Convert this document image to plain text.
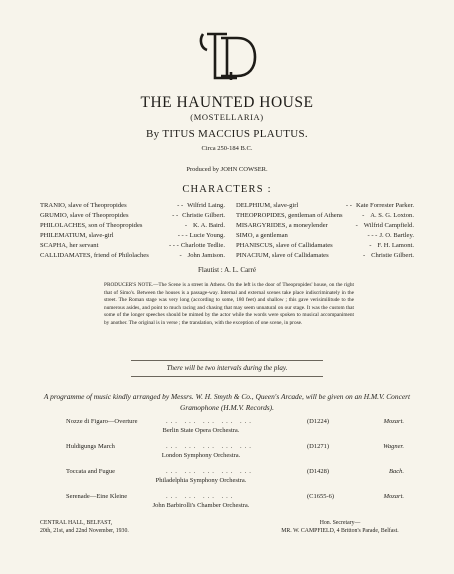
THE HAUNTED HOUSE
(MOSTELLARIA)
By TITUS MACCIUS PLAUTUS.
Circa 250-184 B.C.
Produced by JOHN COWSER.
CHARACTERS :
TRANIO, slave of Theopropides	- - Wilfrid Laing.
GRUMIO, slave of Theopropides	- - Christie Gilbert.
PHILOLACHES, son of Theopropides	- K. A. Baird.
PHILEMATIUM, slave-girl	- - - Lucie Young.
SCAPHA, her servant	- - - Charlotte Tedlie.
CALLIDAMATES, friend of Philolaches	- John Jamison.
DELPHIUM, slave-girl	- - Kate Forrester Parker.
THEOPROPIDES, gentleman of Athens	- A. S. G. Loxton.
MISARGYRIDES, a moneylender	- Wilfrid Campfield.
SIMO, a gentleman	- - - J. O. Bartley.
PHANISCUS, slave of Callidamates	- F. H. Lamont.
PINACIUM, slave of Callidamates	- Christie Gilbert.
Flautist : A. L. Carré
PRODUCER'S NOTE.—The Scene is a street in Athens. On the left is the door of Theopropides' house, on the right that of Simo's. Between the houses is a passage-way. Internal and external scenes take place indiscriminately in the street. The Roman stage was very long (according to some, 180 feet) and shallow ; this gave verisimilitude to the numerous asides, and point to much racing and chasing that may seem unnatural on our stage. It was the custom that some of the longer speeches should be mimed by the actor while the words were spoken to musical accompaniment by another. The original is in verse ; the translation, with the exception of one scene, in prose.
There will be two intervals during the play.
A programme of music kindly arranged by Messrs. W. H. Smyth & Co., Queen's Arcade, will be given on an H.M.V. Concert Gramophone (H.M.V. Records).
Nozze di Figaro—Overture	... ... ... ... ...	(D1224)	Mozart.
Berlin State Opera Orchestra.
Huldigungs March	... ... ... ... ...	(D1271)	Wagner.
London Symphony Orchestra.
Toccata and Fugue	... ... ... ... ...	(D1428)	Bach.
Philadelphia Symphony Orchestra.
Serenade—Eine Kleine	... ... ... ...	(C1655-6)	Mozart.
John Barbirolli's Chamber Orchestra.
CENTRAL HALL, BELFAST,
20th, 21st, and 22nd November, 1930.
Hon. Secretary—
MR. W. CAMPFIELD, 4 Britton's Parade, Belfast.
